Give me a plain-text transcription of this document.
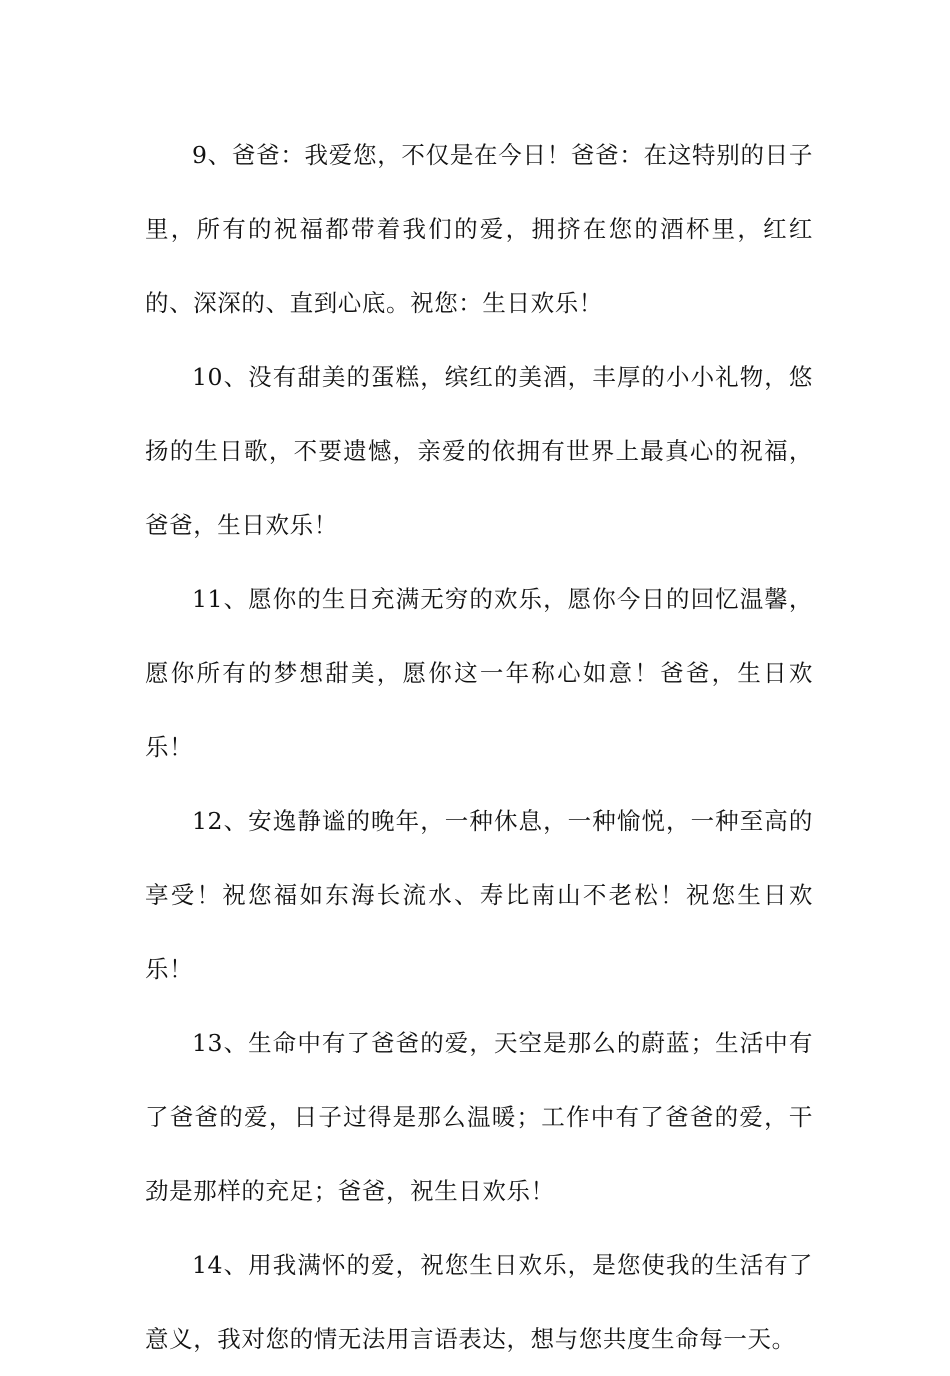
9、爸爸：我爱您，不仅是在今日！爸爸：在这特别的日子里，所有的祝福都带着我们的爱，拥挤在您的酒杯里，红红的、深深的、直到心底。祝您：生日欢乐！

10、没有甜美的蛋糕，缤红的美酒，丰厚的小小礼物，悠扬的生日歌，不要遗憾，亲爱的依拥有世界上最真心的祝福，爸爸，生日欢乐！

11、愿你的生日充满无穷的欢乐，愿你今日的回忆温馨，愿你所有的梦想甜美，愿你这一年称心如意！爸爸，生日欢乐！

12、安逸静谧的晚年，一种休息，一种愉悦，一种至高的享受！祝您福如东海长流水、寿比南山不老松！祝您生日欢乐！

13、生命中有了爸爸的爱，天空是那么的蔚蓝；生活中有了爸爸的爱，日子过得是那么温暖；工作中有了爸爸的爱，干劲是那样的充足；爸爸，祝生日欢乐！

14、用我满怀的爱，祝您生日欢乐，是您使我的生活有了意义，我对您的情无法用言语表达，想与您共度生命每一天。
